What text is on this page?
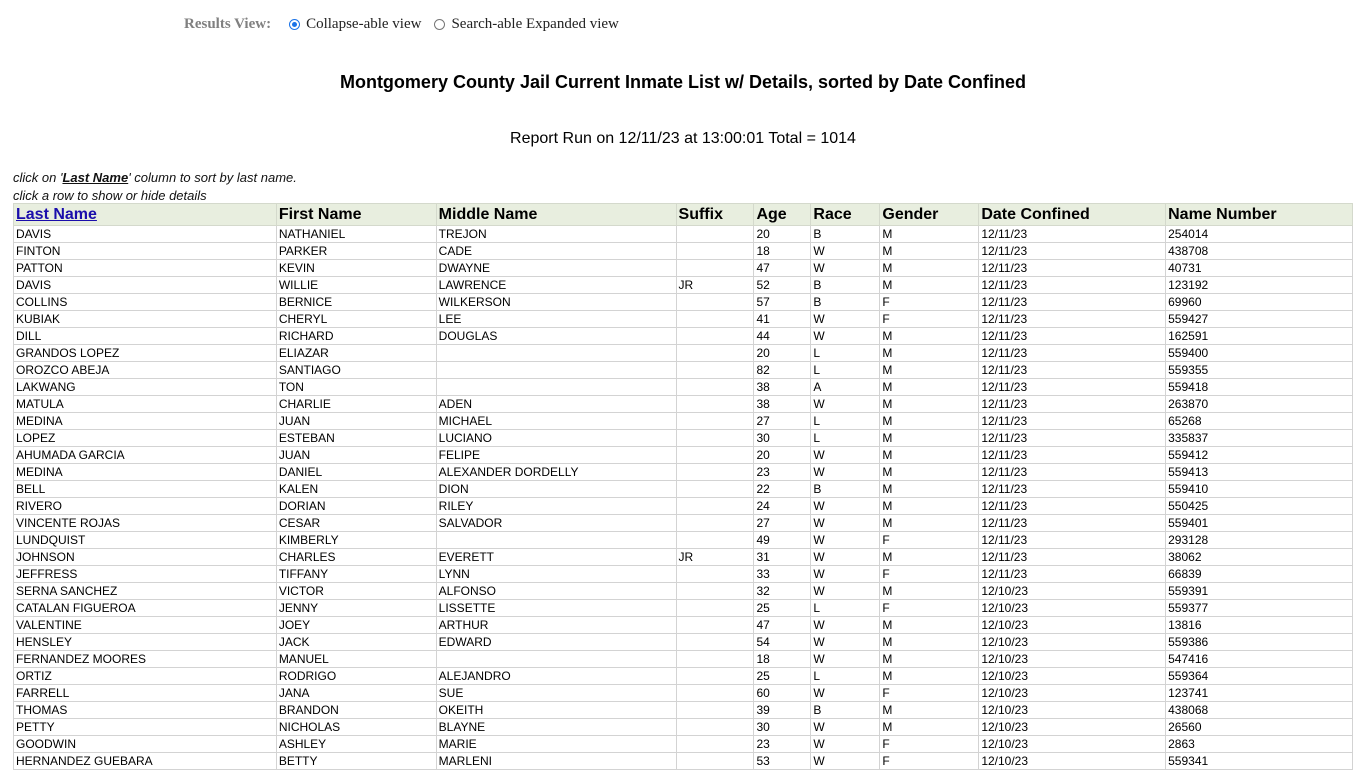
Results View: Collapse-able view Search-able Expanded view
Montgomery County Jail Current Inmate List w/ Details, sorted by Date Confined
Report Run on 12/11/23 at 13:00:01 Total = 1014
click on 'Last Name' column to sort by last name.
click a row to show or hide details
Last Name	First Name	Middle Name	Suffix	Age	Race	Gender	Date Confined	Name Number
DAVIS	NATHANIEL	TREJON		20	B	M	12/11/23	254014
FINTON	PARKER	CADE		18	W	M	12/11/23	438708
PATTON	KEVIN	DWAYNE		47	W	M	12/11/23	40731
DAVIS	WILLIE	LAWRENCE	JR	52	B	M	12/11/23	123192
COLLINS	BERNICE	WILKERSON		57	B	F	12/11/23	69960
KUBIAK	CHERYL	LEE		41	W	F	12/11/23	559427
DILL	RICHARD	DOUGLAS		44	W	M	12/11/23	162591
GRANDOS LOPEZ	ELIAZAR			20	L	M	12/11/23	559400
OROZCO ABEJA	SANTIAGO			82	L	M	12/11/23	559355
LAKWANG	TON			38	A	M	12/11/23	559418
MATULA	CHARLIE	ADEN		38	W	M	12/11/23	263870
MEDINA	JUAN	MICHAEL		27	L	M	12/11/23	65268
LOPEZ	ESTEBAN	LUCIANO		30	L	M	12/11/23	335837
AHUMADA GARCIA	JUAN	FELIPE		20	W	M	12/11/23	559412
MEDINA	DANIEL	ALEXANDER DORDELLY		23	W	M	12/11/23	559413
BELL	KALEN	DION		22	B	M	12/11/23	559410
RIVERO	DORIAN	RILEY		24	W	M	12/11/23	550425
VINCENTE ROJAS	CESAR	SALVADOR		27	W	M	12/11/23	559401
LUNDQUIST	KIMBERLY			49	W	F	12/11/23	293128
JOHNSON	CHARLES	EVERETT	JR	31	W	M	12/11/23	38062
JEFFRESS	TIFFANY	LYNN		33	W	F	12/11/23	66839
SERNA SANCHEZ	VICTOR	ALFONSO		32	W	M	12/10/23	559391
CATALAN FIGUEROA	JENNY	LISSETTE		25	L	F	12/10/23	559377
VALENTINE	JOEY	ARTHUR		47	W	M	12/10/23	13816
HENSLEY	JACK	EDWARD		54	W	M	12/10/23	559386
FERNANDEZ MOORES	MANUEL			18	W	M	12/10/23	547416
ORTIZ	RODRIGO	ALEJANDRO		25	L	M	12/10/23	559364
FARRELL	JANA	SUE		60	W	F	12/10/23	123741
THOMAS	BRANDON	OKEITH		39	B	M	12/10/23	438068
PETTY	NICHOLAS	BLAYNE		30	W	M	12/10/23	26560
GOODWIN	ASHLEY	MARIE		23	W	F	12/10/23	2863
HERNANDEZ GUEBARA	BETTY	MARLENI		53	W	F	12/10/23	559341
